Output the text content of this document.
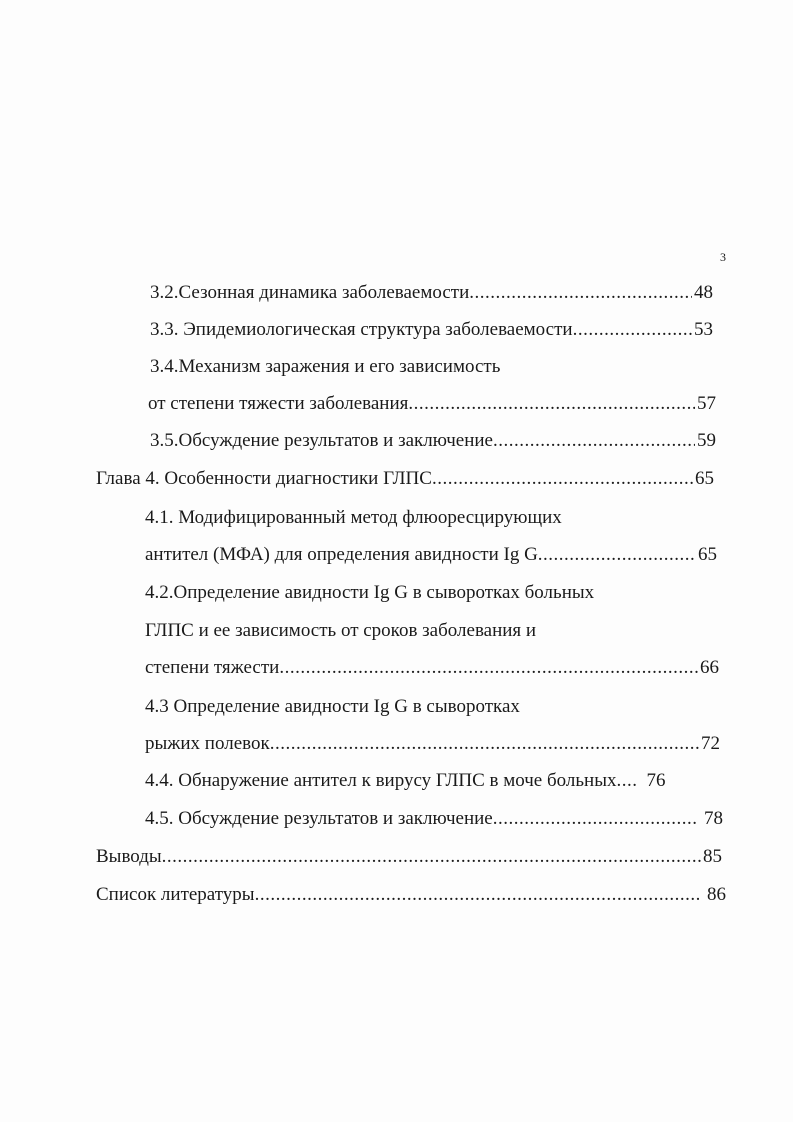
3
3.2.Сезонная динамика заболеваемости .....	48
3.3. Эпидемиологическая структура заболеваемости .....	53
3.4.Механизм заражения и его зависимость
от степени тяжести заболевания .....	57
3.5.Обсуждение результатов и заключение .....	59
Глава 4. Особенности диагностики ГЛПС .....	65
4.1. Модифицированный метод флюоресцирующих
антител (МФА) для определения авидности Ig G .....	65
4.2.Определение авидности Ig G в сыворотках больных
ГЛПС и ее зависимость от сроков заболевания и
степени тяжести .....	66
4.3 Определение авидности Ig G в сыворотках
рыжих полевок .....	72
4.4. Обнаружение антител к вирусу ГЛПС в моче больных .....	76
4.5. Обсуждение результатов и заключение .....	78
Выводы .....	85
Список литературы .....	86
